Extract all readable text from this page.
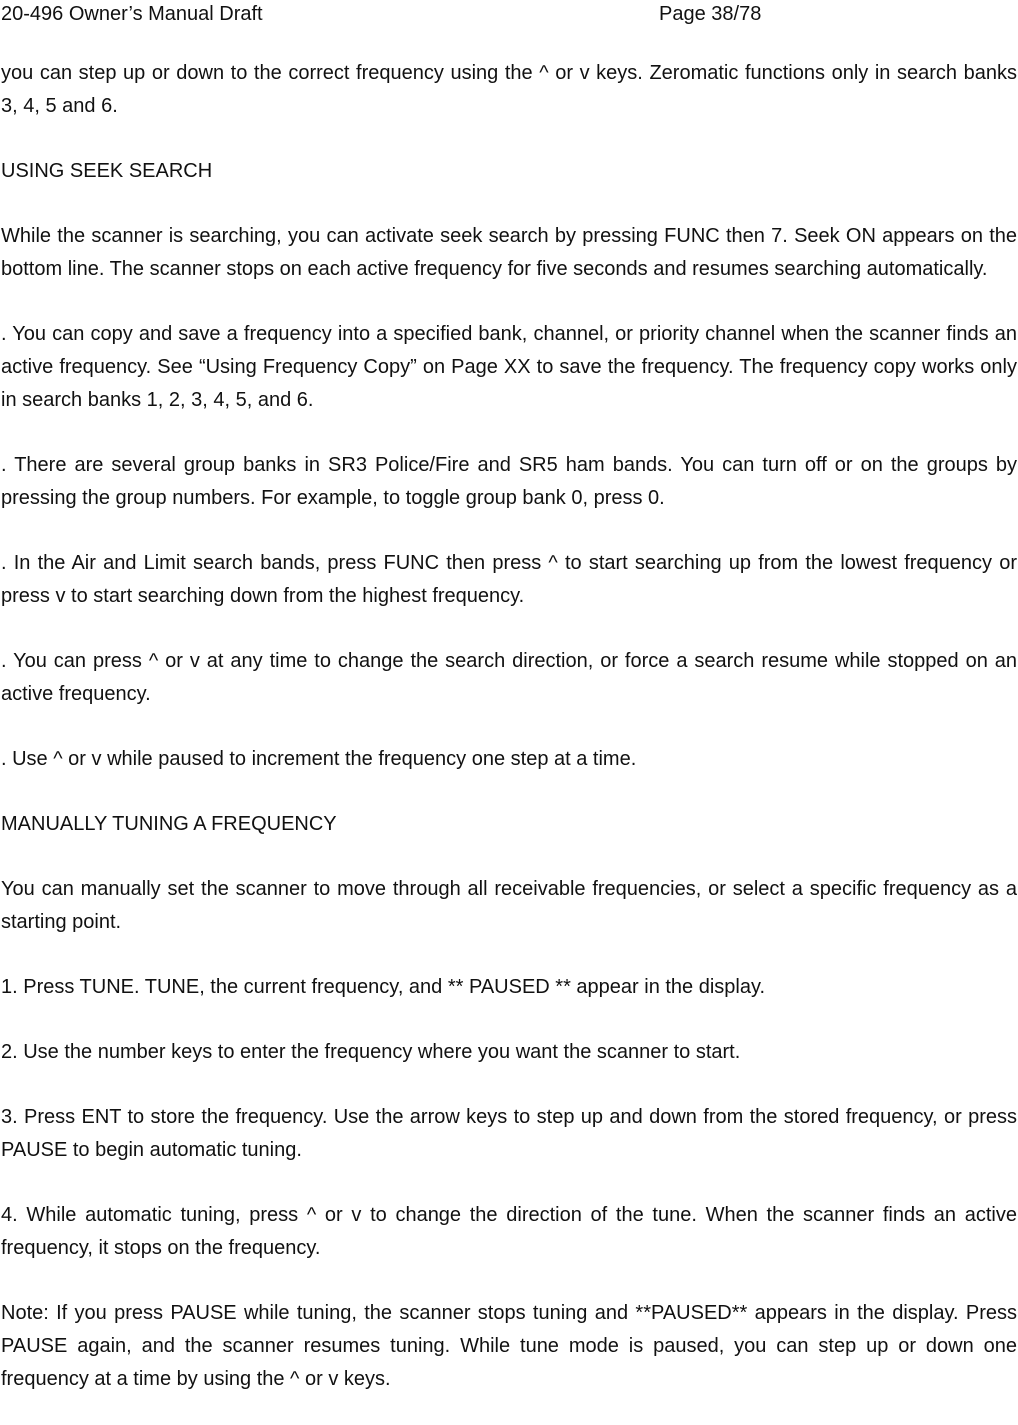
20-496 Owner’s Manual Draft	Page 38/78

you can step up or down to the correct frequency using the ^ or v keys. Zeromatic functions only in search banks 3, 4, 5 and 6.

USING SEEK SEARCH

While the scanner is searching, you can activate seek search by pressing FUNC then 7. Seek ON appears on the bottom line. The scanner stops on each active frequency for five seconds and resumes searching automatically.

. You can copy and save a frequency into a specified bank, channel, or priority channel when the scanner finds an active frequency. See “Using Frequency Copy” on Page XX to save the frequency. The frequency copy works only in search banks 1, 2, 3, 4, 5, and 6.

. There are several group banks in SR3 Police/Fire and SR5 ham bands. You can turn off or on the groups by pressing the group numbers. For example, to toggle group bank 0, press 0.

. In the Air and Limit search bands, press FUNC then press ^ to start searching up from the lowest frequency or press v to start searching down from the highest frequency.

. You can press ^ or v at any time to change the search direction, or force a search resume while stopped on an active frequency.

. Use ^ or v while paused to increment the frequency one step at a time.

MANUALLY TUNING A FREQUENCY

You can manually set the scanner to move through all receivable frequencies, or select a specific frequency as a starting point.

1. Press TUNE. TUNE, the current frequency, and ** PAUSED ** appear in the display.

2. Use the number keys to enter the frequency where you want the scanner to start.

3. Press ENT to store the frequency. Use the arrow keys to step up and down from the stored frequency, or press PAUSE to begin automatic tuning.

4. While automatic tuning, press ^ or v to change the direction of the tune. When the scanner finds an active frequency, it stops on the frequency.

Note: If you press PAUSE while tuning, the scanner stops tuning and **PAUSED** appears in the display. Press PAUSE again, and the scanner resumes tuning. While tune mode is paused, you can step up or down one frequency at a time by using the ^ or v keys.
